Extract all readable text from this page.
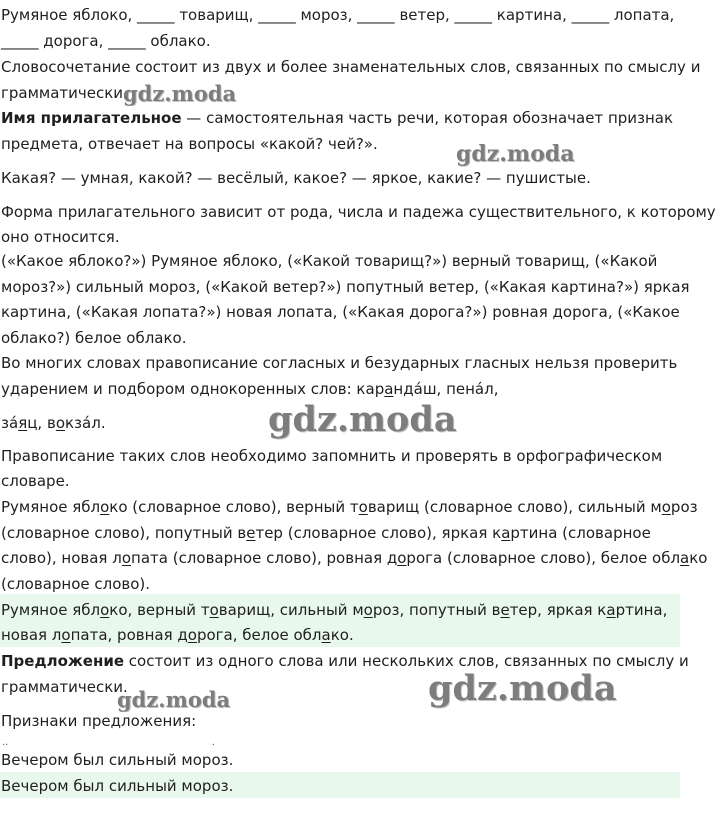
Румяное яблоко, _____ товарищ, _____ мороз, _____ ветер, _____ картина, _____ лопата,
_____ дорога, _____ облако.
Словосочетание состоит из двух и более знаменательных слов, связанных по смыслу и
грамматически.
Имя прилагательное — самостоятельная часть речи, которая обозначает признак
предмета, отвечает на вопросы «какой? чей?».
Какая? — умная, какой? — весёлый, какое? — яркое, какие? — пушистые.
Форма прилагательного зависит от рода, числа и падежа существительного, к которому
оно относится.
(«Какое яблоко?») Румяное яблоко, («Какой товарищ?») верный товарищ, («Какой
мороз?») сильный мороз, («Какой ветер?») попутный ветер, («Какая картина?») яркая
картина, («Какая лопата?») новая лопата, («Какая дорога?») ровная дорога, («Какое
облако?) белое облако.
Во многих словах правописание согласных и безударных гласных нельзя проверить
ударением и подбором однокоренных слов: карандáш, пенáл,
зáяц, вокзáл.
Правописание таких слов необходимо запомнить и проверять в орфографическом
словаре.
Румяное яблоко (словарное слово), верный товарищ (словарное слово), сильный мороз
(словарное слово), попутный ветер (словарное слово), яркая картина (словарное
слово), новая лопата (словарное слово), ровная дорога (словарное слово), белое облако
(словарное слово).
Румяное яблоко, верный товарищ, сильный мороз, попутный ветер, яркая картина,
новая лопата, ровная дорога, белое облако.
Предложение состоит из одного слова или нескольких слов, связанных по смыслу и
грамматически.
Признаки предложения:
..                                                                .
Вечером был сильный мороз.
Вечером был сильный мороз.
gdz.moda
gdz.moda
gdz.moda
gdz.moda	gdz.moda
